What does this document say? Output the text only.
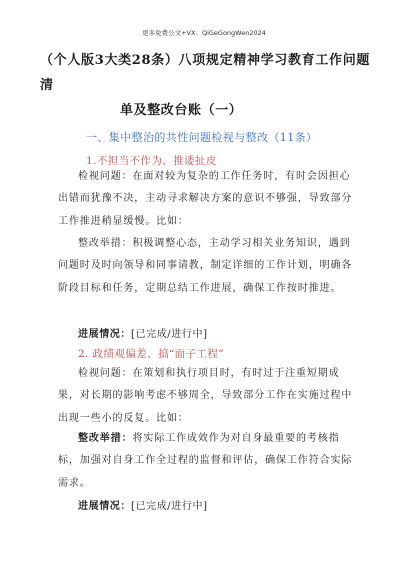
更多免费公文+VX：QiGeGongWen2024
（个人版3大类28条）八项规定精神学习教育工作问题清
单及整改台账（一）
一、集中整治的共性问题检视与整改（11条）
1.不担当不作为、推诿扯皮

检视问题：在面对较为复杂的工作任务时，有时会因担心出错而犹豫不决，主动寻求解决方案的意识不够强，导致部分工作推进稍显缓慢。比如：

整改举措：积极调整心态，主动学习相关业务知识，遇到问题时及时向领导和同事请教，制定详细的工作计划，明确各阶段目标和任务，定期总结工作进展，确保工作按时推进。

进展情况：[已完成/进行中]
2. 政绩观偏差、搞“面子工程”

检视问题：在策划和执行项目时，有时过于注重短期成果，对长期的影响考虑不够周全，导致部分工作在实施过程中出现一些小的反复。比如：

整改举措：将实际工作成效作为对自身最重要的考核指标，加强对自身工作全过程的监督和评估，确保工作符合实际需求。

进展情况：[已完成/进行中]
